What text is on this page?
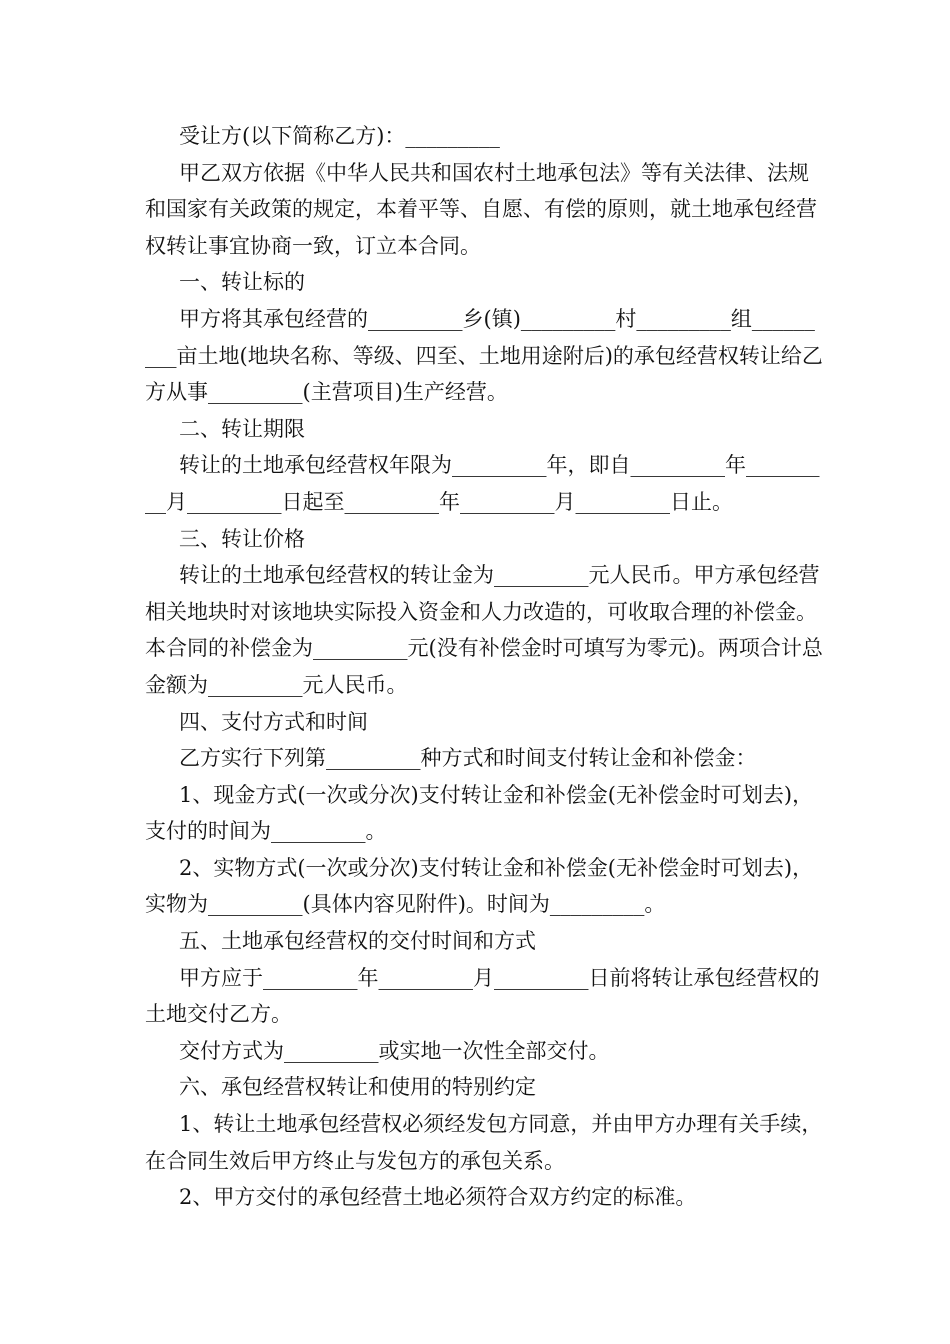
受让方(以下简称乙方)：_________

甲乙双方依据《中华人民共和国农村土地承包法》等有关法律、法规和国家有关政策的规定，本着平等、自愿、有偿的原则，就土地承包经营权转让事宜协商一致，订立本合同。

一、转让标的

甲方将其承包经营的_________乡(镇)_________村_________组_________亩土地(地块名称、等级、四至、土地用途附后)的承包经营权转让给乙方从事_________(主营项目)生产经营。

二、转让期限

转让的土地承包经营权年限为_________年，即自_________年_________月_________日起至_________年_________月_________日止。

三、转让价格

转让的土地承包经营权的转让金为_________元人民币。甲方承包经营相关地块时对该地块实际投入资金和人力改造的，可收取合理的补偿金。本合同的补偿金为_________元(没有补偿金时可填写为零元)。两项合计总金额为_________元人民币。

四、支付方式和时间

乙方实行下列第_________种方式和时间支付转让金和补偿金：

1、现金方式(一次或分次)支付转让金和补偿金(无补偿金时可划去)，支付的时间为_________。

2、实物方式(一次或分次)支付转让金和补偿金(无补偿金时可划去)，实物为_________(具体内容见附件)。时间为_________。

五、土地承包经营权的交付时间和方式

甲方应于_________年_________月_________日前将转让承包经营权的土地交付乙方。

交付方式为_________或实地一次性全部交付。

六、承包经营权转让和使用的特别约定

1、转让土地承包经营权必须经发包方同意，并由甲方办理有关手续，在合同生效后甲方终止与发包方的承包关系。

2、甲方交付的承包经营土地必须符合双方约定的标准。
